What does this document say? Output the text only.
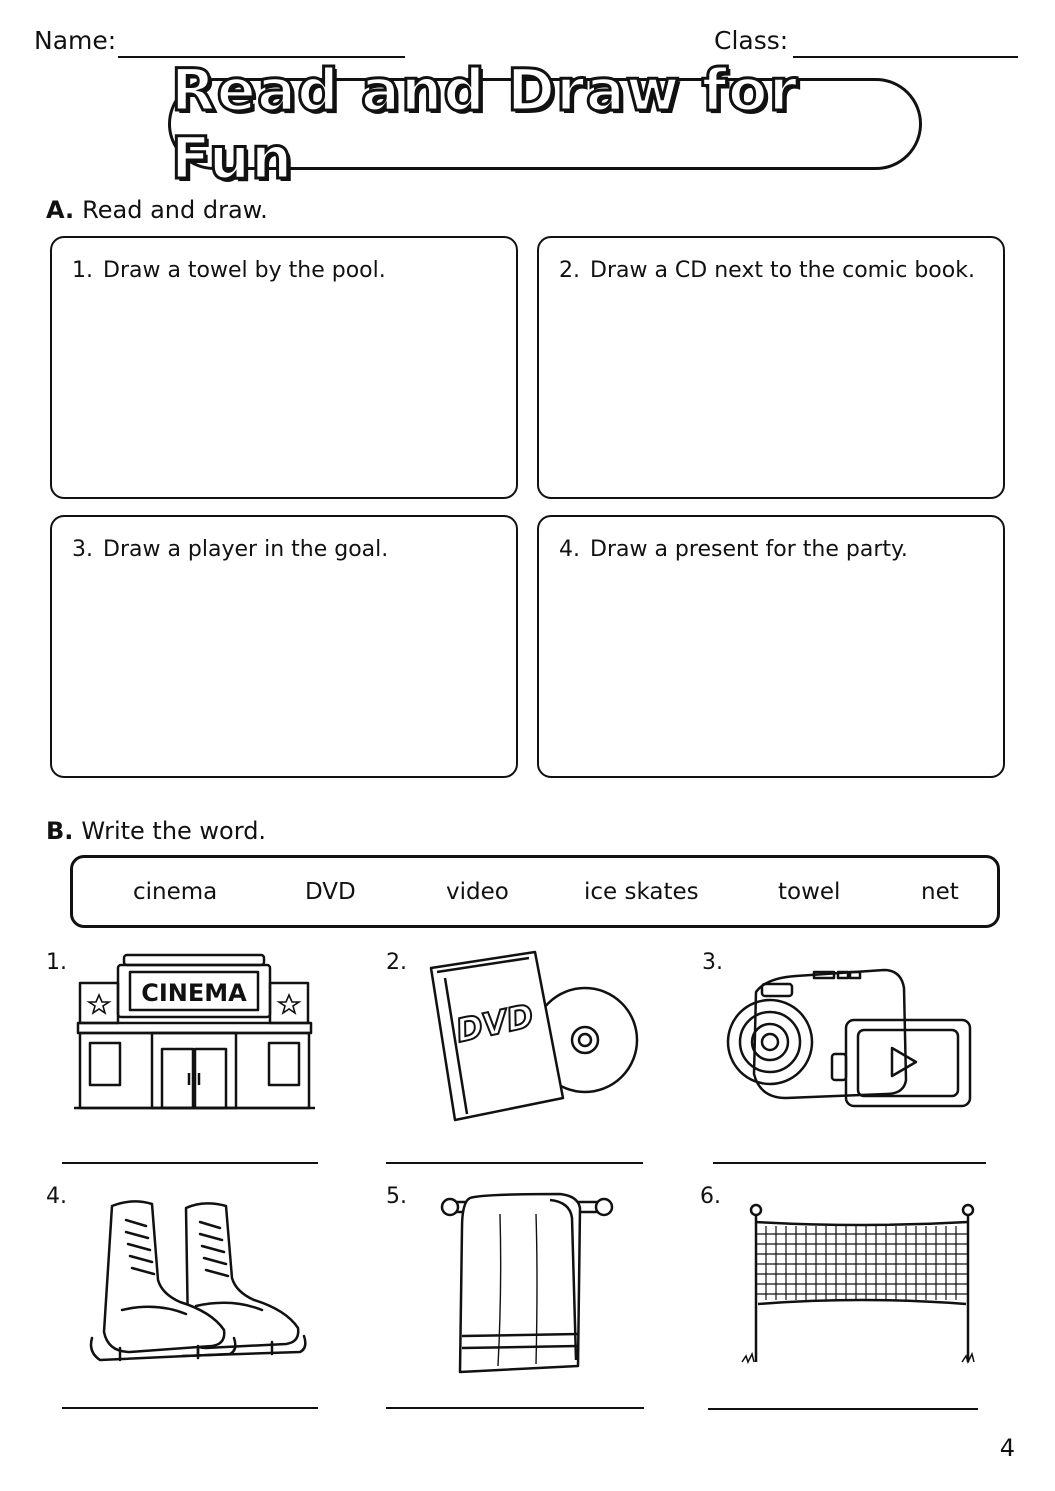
Name:	Class:
Read and Draw for Fun
A. Read and draw.
1. Draw a towel by the pool.	2. Draw a CD next to the comic book.
3. Draw a player in the goal.	4. Draw a present for the party.
B. Write the word.
cinema	DVD	video	ice skates	towel	net
1.
CINEMA
2.
DVD
3.
4.	5.	6.
4
